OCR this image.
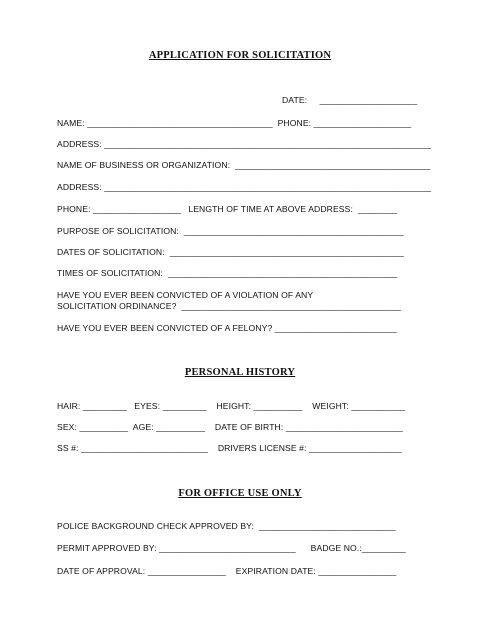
APPLICATION FOR SOLICITATION
DATE:     ____________________
NAME: ______________________________________  PHONE: ____________________
ADDRESS: ___________________________________________________________________
NAME OF BUSINESS OR ORGANIZATION:  ________________________________________
ADDRESS: ___________________________________________________________________
PHONE: __________________   LENGTH OF TIME AT ABOVE ADDRESS:  ________
PURPOSE OF SOLICITATION:  _____________________________________________
DATES OF SOLICITATION:  ________________________________________________
TIMES OF SOLICITATION:  _______________________________________________
HAVE YOU EVER BEEN CONVICTED OF A VIOLATION OF ANY
SOLICITATION ORDINANCE?  _____________________________________________
HAVE YOU EVER BEEN CONVICTED OF A FELONY? _________________________
PERSONAL HISTORY
HAIR: _________   EYES: _________    HEIGHT: __________    WEIGHT: ___________
SEX: __________  AGE: __________    DATE OF BIRTH: ________________________
SS #: __________________________    DRIVERS LICENSE #: ___________________
FOR OFFICE USE ONLY
POLICE BACKGROUND CHECK APPROVED BY:  ____________________________
PERMIT APPROVED BY: ____________________________      BADGE NO.:_________
DATE OF APPROVAL: ________________    EXPIRATION DATE: ________________
